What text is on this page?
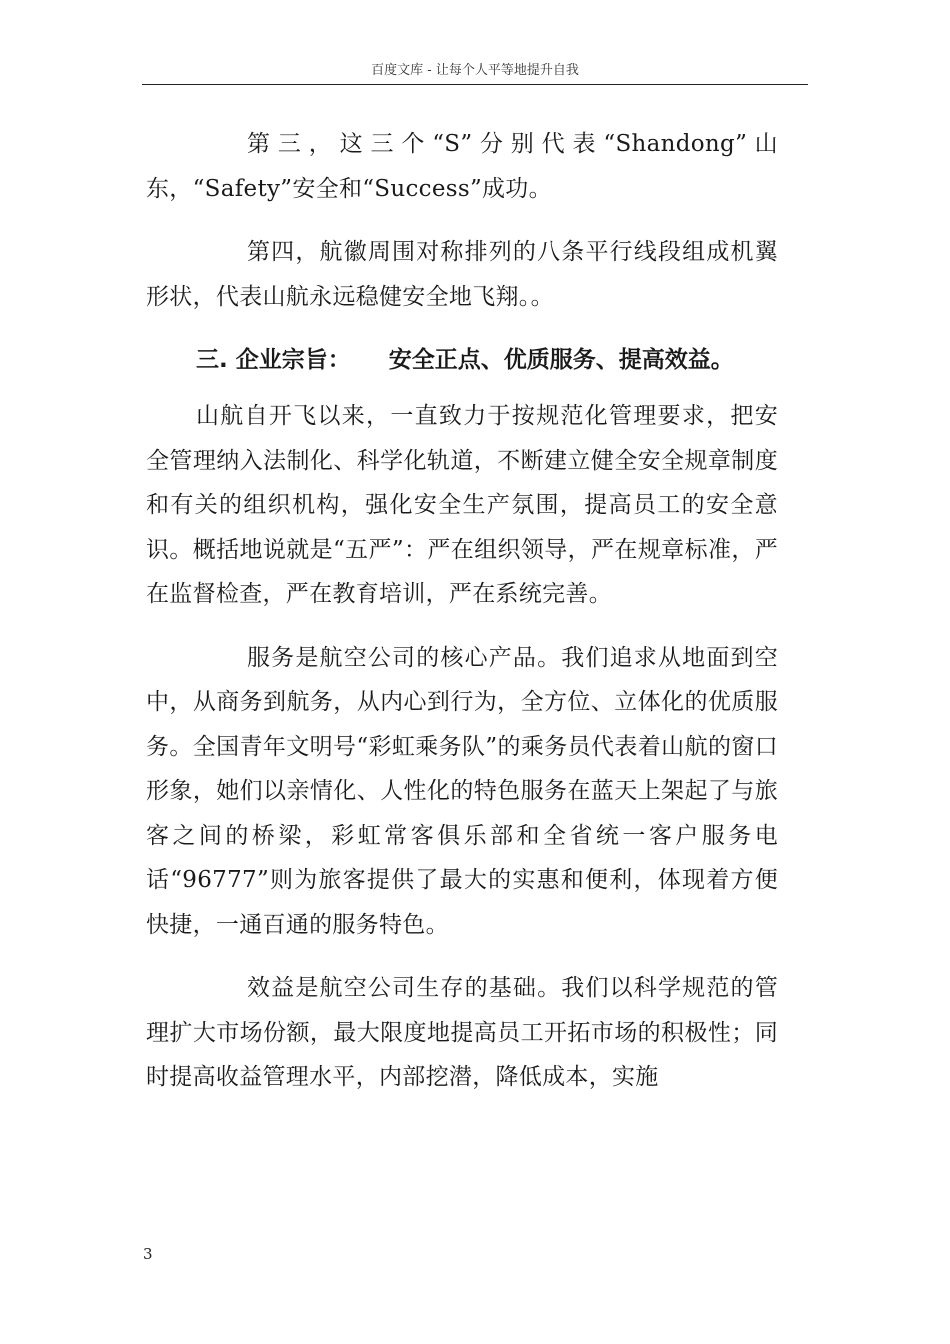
百度文库 - 让每个人平等地提升自我

第三，这三个“S”分别代表“Shandong”山东，“Safety”安全和“Success”成功。

第四，航徽周围对称排列的八条平行线段组成机翼形状，代表山航永远稳健安全地飞翔。。

三. 企业宗旨： 安全正点、优质服务、提高效益。

山航自开飞以来，一直致力于按规范化管理要求，把安全管理纳入法制化、科学化轨道，不断建立健全安全规章制度和有关的组织机构，强化安全生产氛围，提高员工的安全意识。概括地说就是“五严”：严在组织领导，严在规章标准，严在监督检查，严在教育培训，严在系统完善。

服务是航空公司的核心产品。我们追求从地面到空中，从商务到航务，从内心到行为，全方位、立体化的优质服务。全国青年文明号“彩虹乘务队”的乘务员代表着山航的窗口形象，她们以亲情化、人性化的特色服务在蓝天上架起了与旅客之间的桥梁，彩虹常客俱乐部和全省统一客户服务电话“96777”则为旅客提供了最大的实惠和便利，体现着方便快捷，一通百通的服务特色。

效益是航空公司生存的基础。我们以科学规范的管理扩大市场份额，最大限度地提高员工开拓市场的积极性；同时提高收益管理水平，内部挖潜，降低成本，实施

3
